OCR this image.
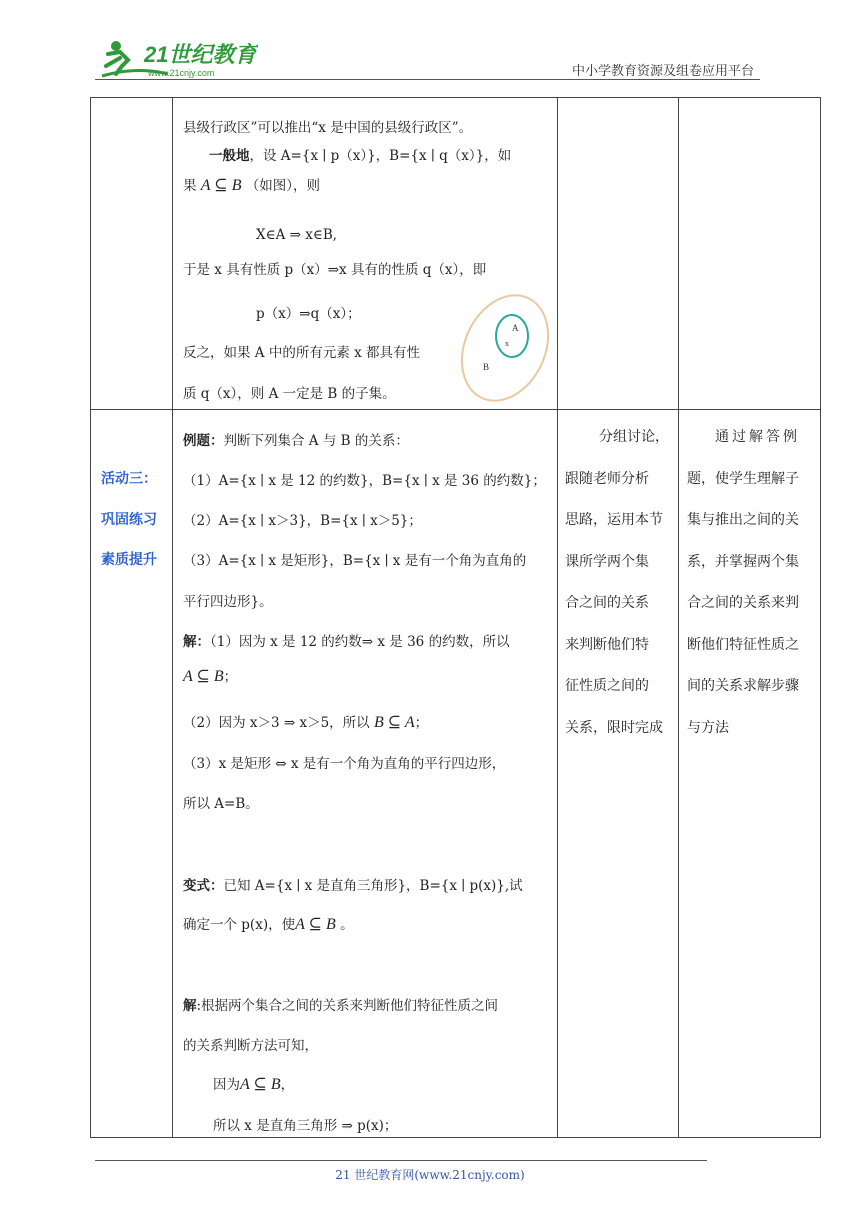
21世纪教育
www.21cnjy.com	中小学教育资源及组卷应用平台
县级行政区”可以推出“x 是中国的县级行政区”。
一般地，设 A={x ∣ p（x）}，B={x ∣ q（x）}，如
果 A ⊆ B （如图），则
X∈A ⇒ x∈B,
于是 x 具有性质 p（x）⇒x 具有的性质 q（x），即
p（x）⇒q（x）；
反之，如果 A 中的所有元素 x 都具有性
质 q（x），则 A 一定是 B 的子集。
A
x
B
活动三：
巩固练习
素质提升
例题：判断下列集合 A 与 B 的关系：
（1）A={x ∣ x 是 12 的约数}，B={x ∣ x 是 36 的约数}；
（2）A={x ∣ x＞3}，B={x ∣ x＞5}；
（3）A={x ∣ x 是矩形}，B={x ∣ x 是有一个角为直角的
平行四边形}。
解：（1）因为 x 是 12 的约数⇒ x 是 36 的约数，所以
A ⊆ B；
（2）因为 x＞3 ⇒ x＞5，所以 B ⊆ A；
（3）x 是矩形 ⇔ x 是有一个角为直角的平行四边形，
所以 A=B。
变式：已知 A={x ∣ x 是直角三角形}，B={x ∣ p(x)},试
确定一个 p(x)，使A ⊆ B 。
解:根据两个集合之间的关系来判断他们特征性质之间
的关系判断方法可知，
因为A ⊆ B，
所以 x 是直角三角形 ⇒ p(x)；
分组讨论，
跟随老师分析
思路，运用本节
课所学两个集
合之间的关系
来判断他们特
征性质之间的
关系，限时完成
通过解答例
题，使学生理解子
集与推出之间的关
系，并掌握两个集
合之间的关系来判
断他们特征性质之
间的关系求解步骤
与方法
21 世纪教育网(www.21cnjy.com)
